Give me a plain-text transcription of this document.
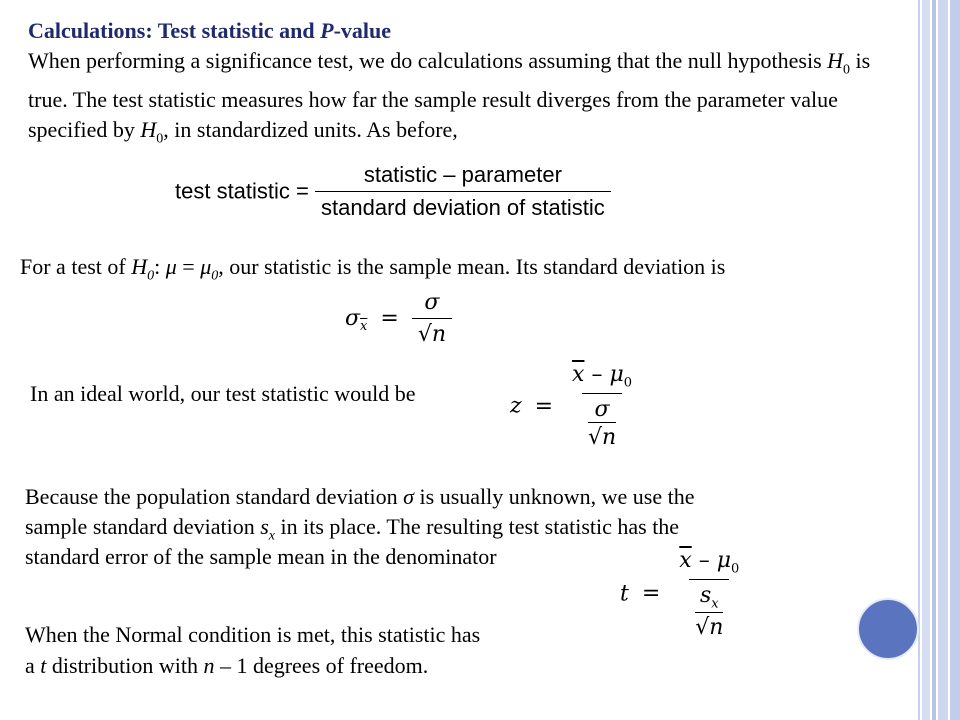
Calculations: Test statistic and P-value
When performing a significance test, we do calculations assuming that the null hypothesis $H_0$ is true. The test statistic measures how far the sample result diverges from the parameter value specified by $H_0$, in standardized units. As before,
test statistic = $\frac{\text{statistic – parameter}}{\text{standard deviation of statistic}}$
For a test of $H_0$: $\mu = \mu_0$, our statistic is the sample mean. Its standard deviation is
$\sigma_{\overline{x}} = \frac{\sigma}{√n}$
In an ideal world, our test statistic would be
$z = \overline{x} - \mu_0$
σ
√n
Because the population standard deviation σ is usually unknown, we use the
sample standard deviation $s_x$ in its place. The resulting test statistic has the
standard error of the sample mean in the denominator
$t = \overline{x} - \mu_0$
$s_x$
√n
When the Normal condition is met, this statistic has
a t distribution with n – 1 degrees of freedom.
